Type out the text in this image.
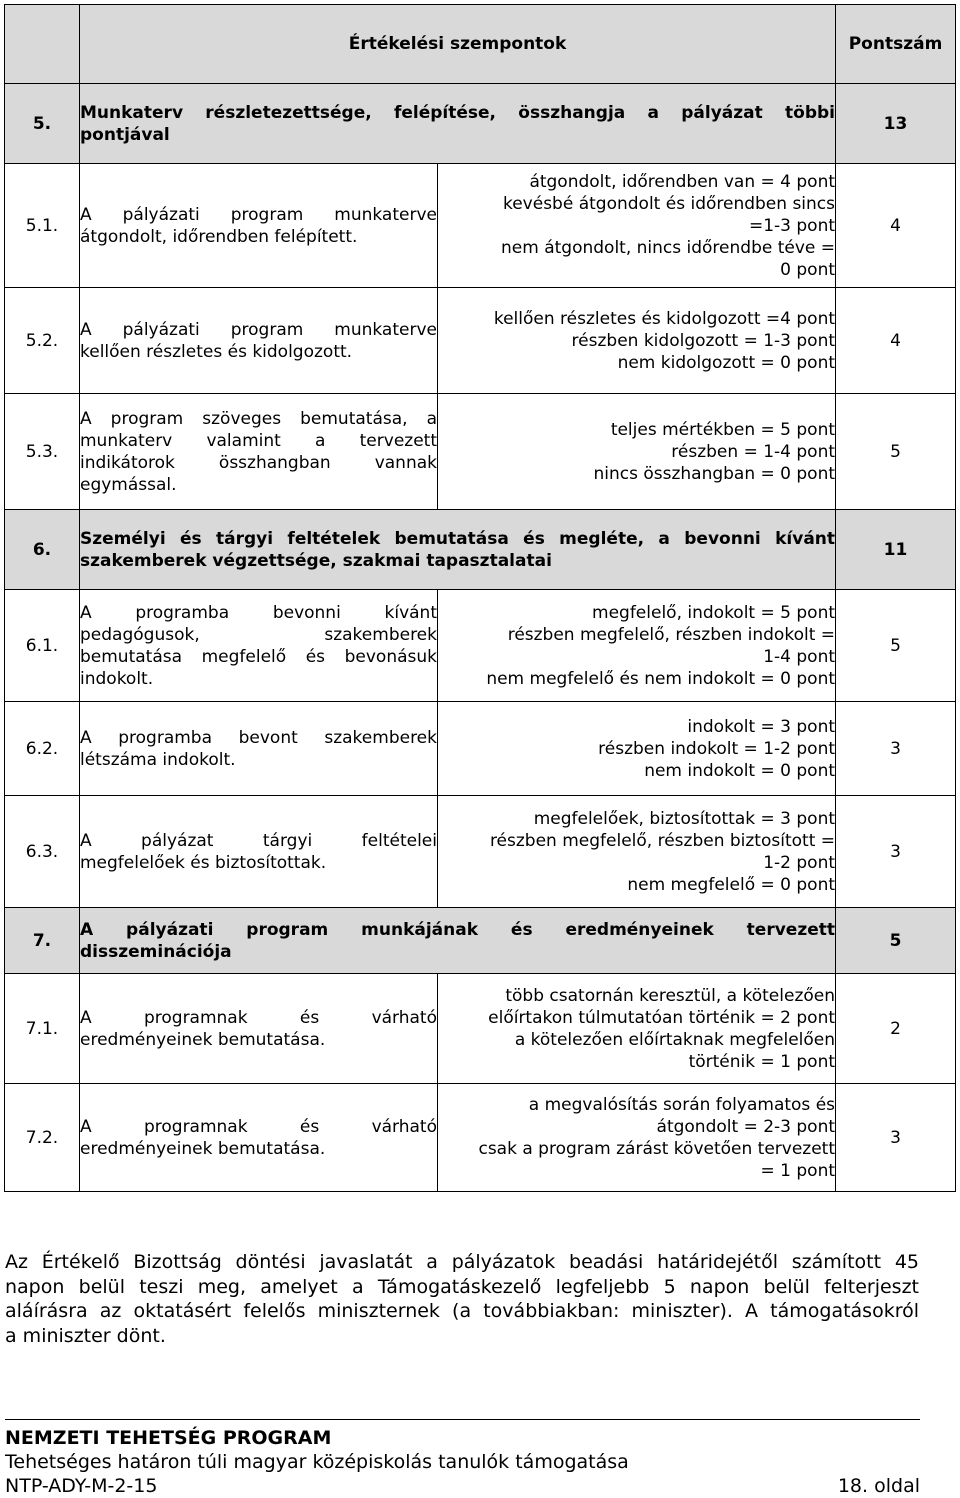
	Értékelési szempontok		Pontszám
5.	Munkaterv részletezettsége, felépítése, összhangja a pályázat többi
pontjával		13
5.1.	A pályázati program munkaterve
átgondolt, időrendben felépített.	átgondolt, időrendben van = 4 pont
kevésbé átgondolt és időrendben sincs
=1-3 pont
nem átgondolt, nincs időrendbe téve =
0 pont	4
5.2.	A pályázati program munkaterve
kellően részletes és kidolgozott.	kellően részletes és kidolgozott =4 pont
részben kidolgozott = 1-3 pont
nem kidolgozott = 0 pont	4
5.3.	A program szöveges bemutatása, a
munkaterv valamint a tervezett
indikátorok összhangban vannak
egymással.	teljes mértékben = 5 pont
részben = 1-4 pont
nincs összhangban = 0 pont	5
6.	Személyi és tárgyi feltételek bemutatása és megléte, a bevonni kívánt
szakemberek végzettsége, szakmai tapasztalatai		11
6.1.	A programba bevonni kívánt
pedagógusok, szakemberek
bemutatása megfelelő és bevonásuk
indokolt.	megfelelő, indokolt = 5 pont
részben megfelelő, részben indokolt =
1-4 pont
nem megfelelő és nem indokolt = 0 pont	5
6.2.	A programba bevont szakemberek
létszáma indokolt.	indokolt = 3 pont
részben indokolt = 1-2 pont
nem indokolt = 0 pont	3
6.3.	A pályázat tárgyi feltételei
megfelelőek és biztosítottak.	megfelelőek, biztosítottak = 3 pont
részben megfelelő, részben biztosított =
1-2 pont
nem megfelelő = 0 pont	3
7.	A pályázati program munkájának és eredményeinek tervezett
disszeminációja		5
7.1.	A programnak és várható
eredményeinek bemutatása.	több csatornán keresztül, a kötelezően
előírtakon túlmutatóan történik = 2 pont
a kötelezően előírtaknak megfelelően
történik = 1 pont	2
7.2.	A programnak és várható
eredményeinek bemutatása.	a megvalósítás során folyamatos és
átgondolt = 2-3 pont
csak a program zárást követően tervezett
= 1 pont	3
Az Értékelő Bizottság döntési javaslatát a pályázatok beadási határidejétől számított 45
napon belül teszi meg, amelyet a Támogatáskezelő legfeljebb 5 napon belül felterjeszt
aláírásra az oktatásért felelős miniszternek (a továbbiakban: miniszter). A támogatásokról
a miniszter dönt.
NEMZETI TEHETSÉG PROGRAM
Tehetséges határon túli magyar középiskolás tanulók támogatása
NTP-ADY-M-2-15	18. oldal
